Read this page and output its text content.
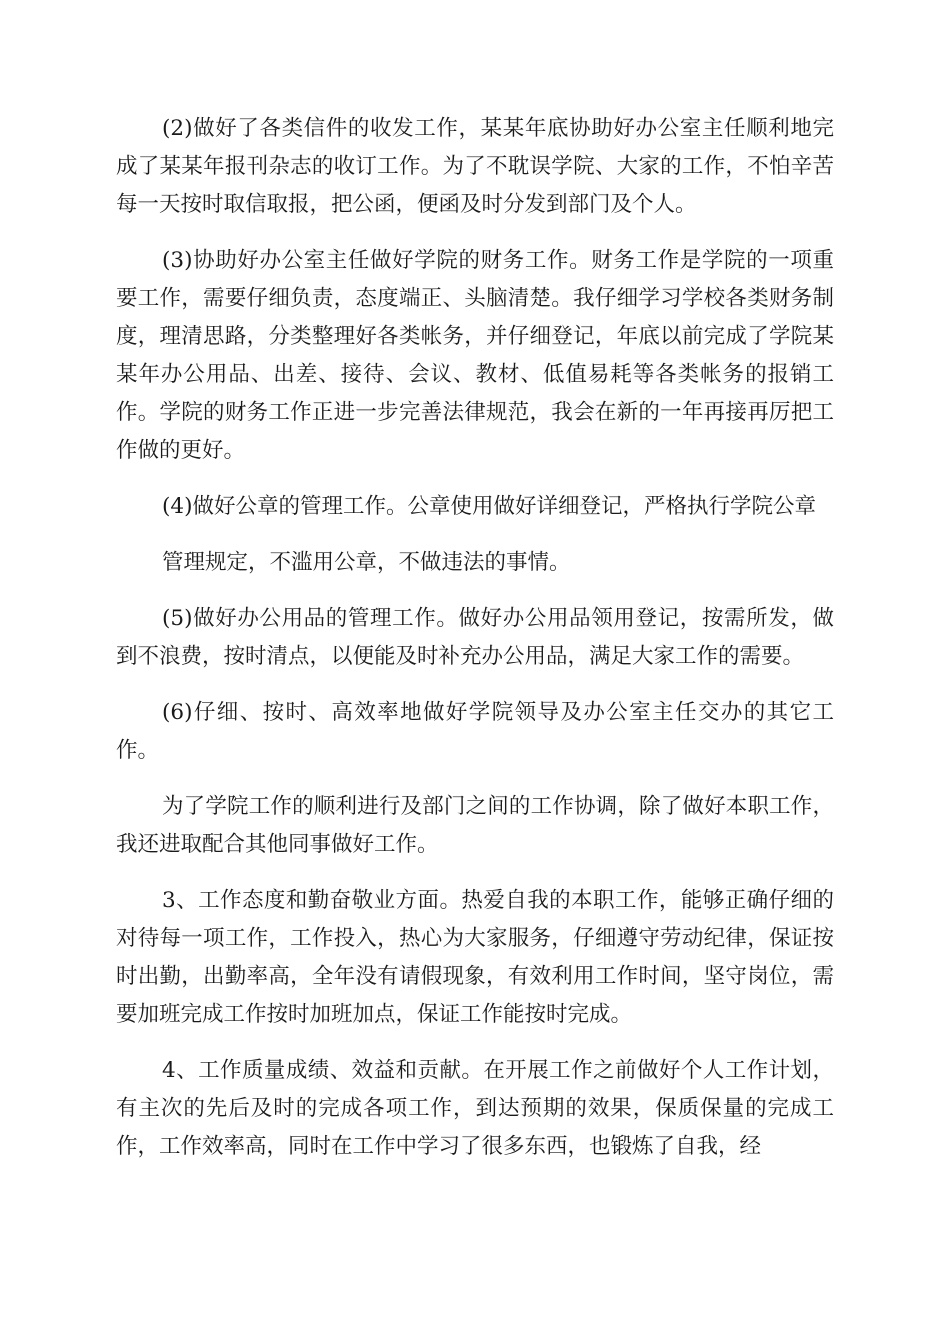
(2)做好了各类信件的收发工作，某某年底协助好办公室主任顺利地完成了某某年报刊杂志的收订工作。为了不耽误学院、大家的工作，不怕辛苦每一天按时取信取报，把公函，便函及时分发到部门及个人。

(3)协助好办公室主任做好学院的财务工作。财务工作是学院的一项重要工作，需要仔细负责，态度端正、头脑清楚。我仔细学习学校各类财务制度，理清思路，分类整理好各类帐务，并仔细登记，年底以前完成了学院某某年办公用品、出差、接待、会议、教材、低值易耗等各类帐务的报销工作。学院的财务工作正进一步完善法律规范，我会在新的一年再接再厉把工作做的更好。

(4)做好公章的管理工作。公章使用做好详细登记，严格执行学院公章

管理规定，不滥用公章，不做违法的事情。

(5)做好办公用品的管理工作。做好办公用品领用登记，按需所发，做到不浪费，按时清点，以便能及时补充办公用品，满足大家工作的需要。

(6)仔细、按时、高效率地做好学院领导及办公室主任交办的其它工作。

为了学院工作的顺利进行及部门之间的工作协调，除了做好本职工作，我还进取配合其他同事做好工作。

3、工作态度和勤奋敬业方面。热爱自我的本职工作，能够正确仔细的对待每一项工作，工作投入，热心为大家服务，仔细遵守劳动纪律，保证按时出勤，出勤率高，全年没有请假现象，有效利用工作时间，坚守岗位，需要加班完成工作按时加班加点，保证工作能按时完成。

4、工作质量成绩、效益和贡献。在开展工作之前做好个人工作计划，有主次的先后及时的完成各项工作，到达预期的效果，保质保量的完成工作，工作效率高，同时在工作中学习了很多东西，也锻炼了自我，经
